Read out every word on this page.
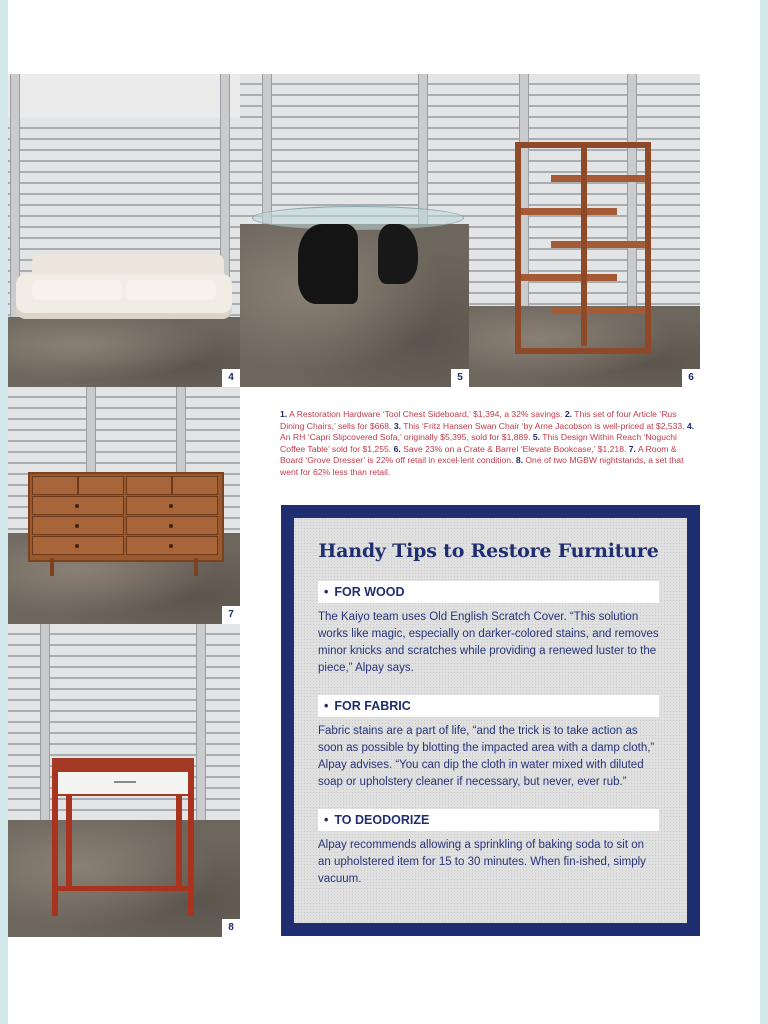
4	5	6
7
8

1. A Restoration Hardware ‘Tool Chest Sideboard,’ $1,394, a 32% savings. 2. This set of four Article ‘Rus Dining Chairs,’ sells for $668. 3. This ‘Fritz Hansen Swan Chair ‘by Arne Jacobson is well-priced at $2,533. 4. An RH ‘Capri Slipcovered Sofa,’ originally $5,395, sold for $1,889. 5. This Design Within Reach ‘Noguchi Coffee Table’ sold for $1,255. 6. Save 23% on a Crate & Barrel ‘Elevate Bookcase,’ $1,218. 7. A Room & Board ‘Grove Dresser’ is 22% off retail in excel-lent condition. 8. One of two MGBW nightstands, a set that went for 62% less than retail.

Handy Tips to Restore Furniture
• FOR WOOD

The Kaiyo team uses Old English Scratch Cover. “This solution works like magic, especially on darker-colored stains, and removes minor knicks and scratches while providing a renewed luster to the piece,” Alpay says.

• FOR FABRIC

Fabric stains are a part of life, “and the trick is to take action as soon as possible by blotting the impacted area with a damp cloth,” Alpay advises. “You can dip the cloth in water mixed with diluted soap or upholstery cleaner if necessary, but never, ever rub.”

• TO DEODORIZE

Alpay recommends allowing a sprinkling of baking soda to sit on an upholstered item for 15 to 30 minutes. When fin-ished, simply vacuum.
